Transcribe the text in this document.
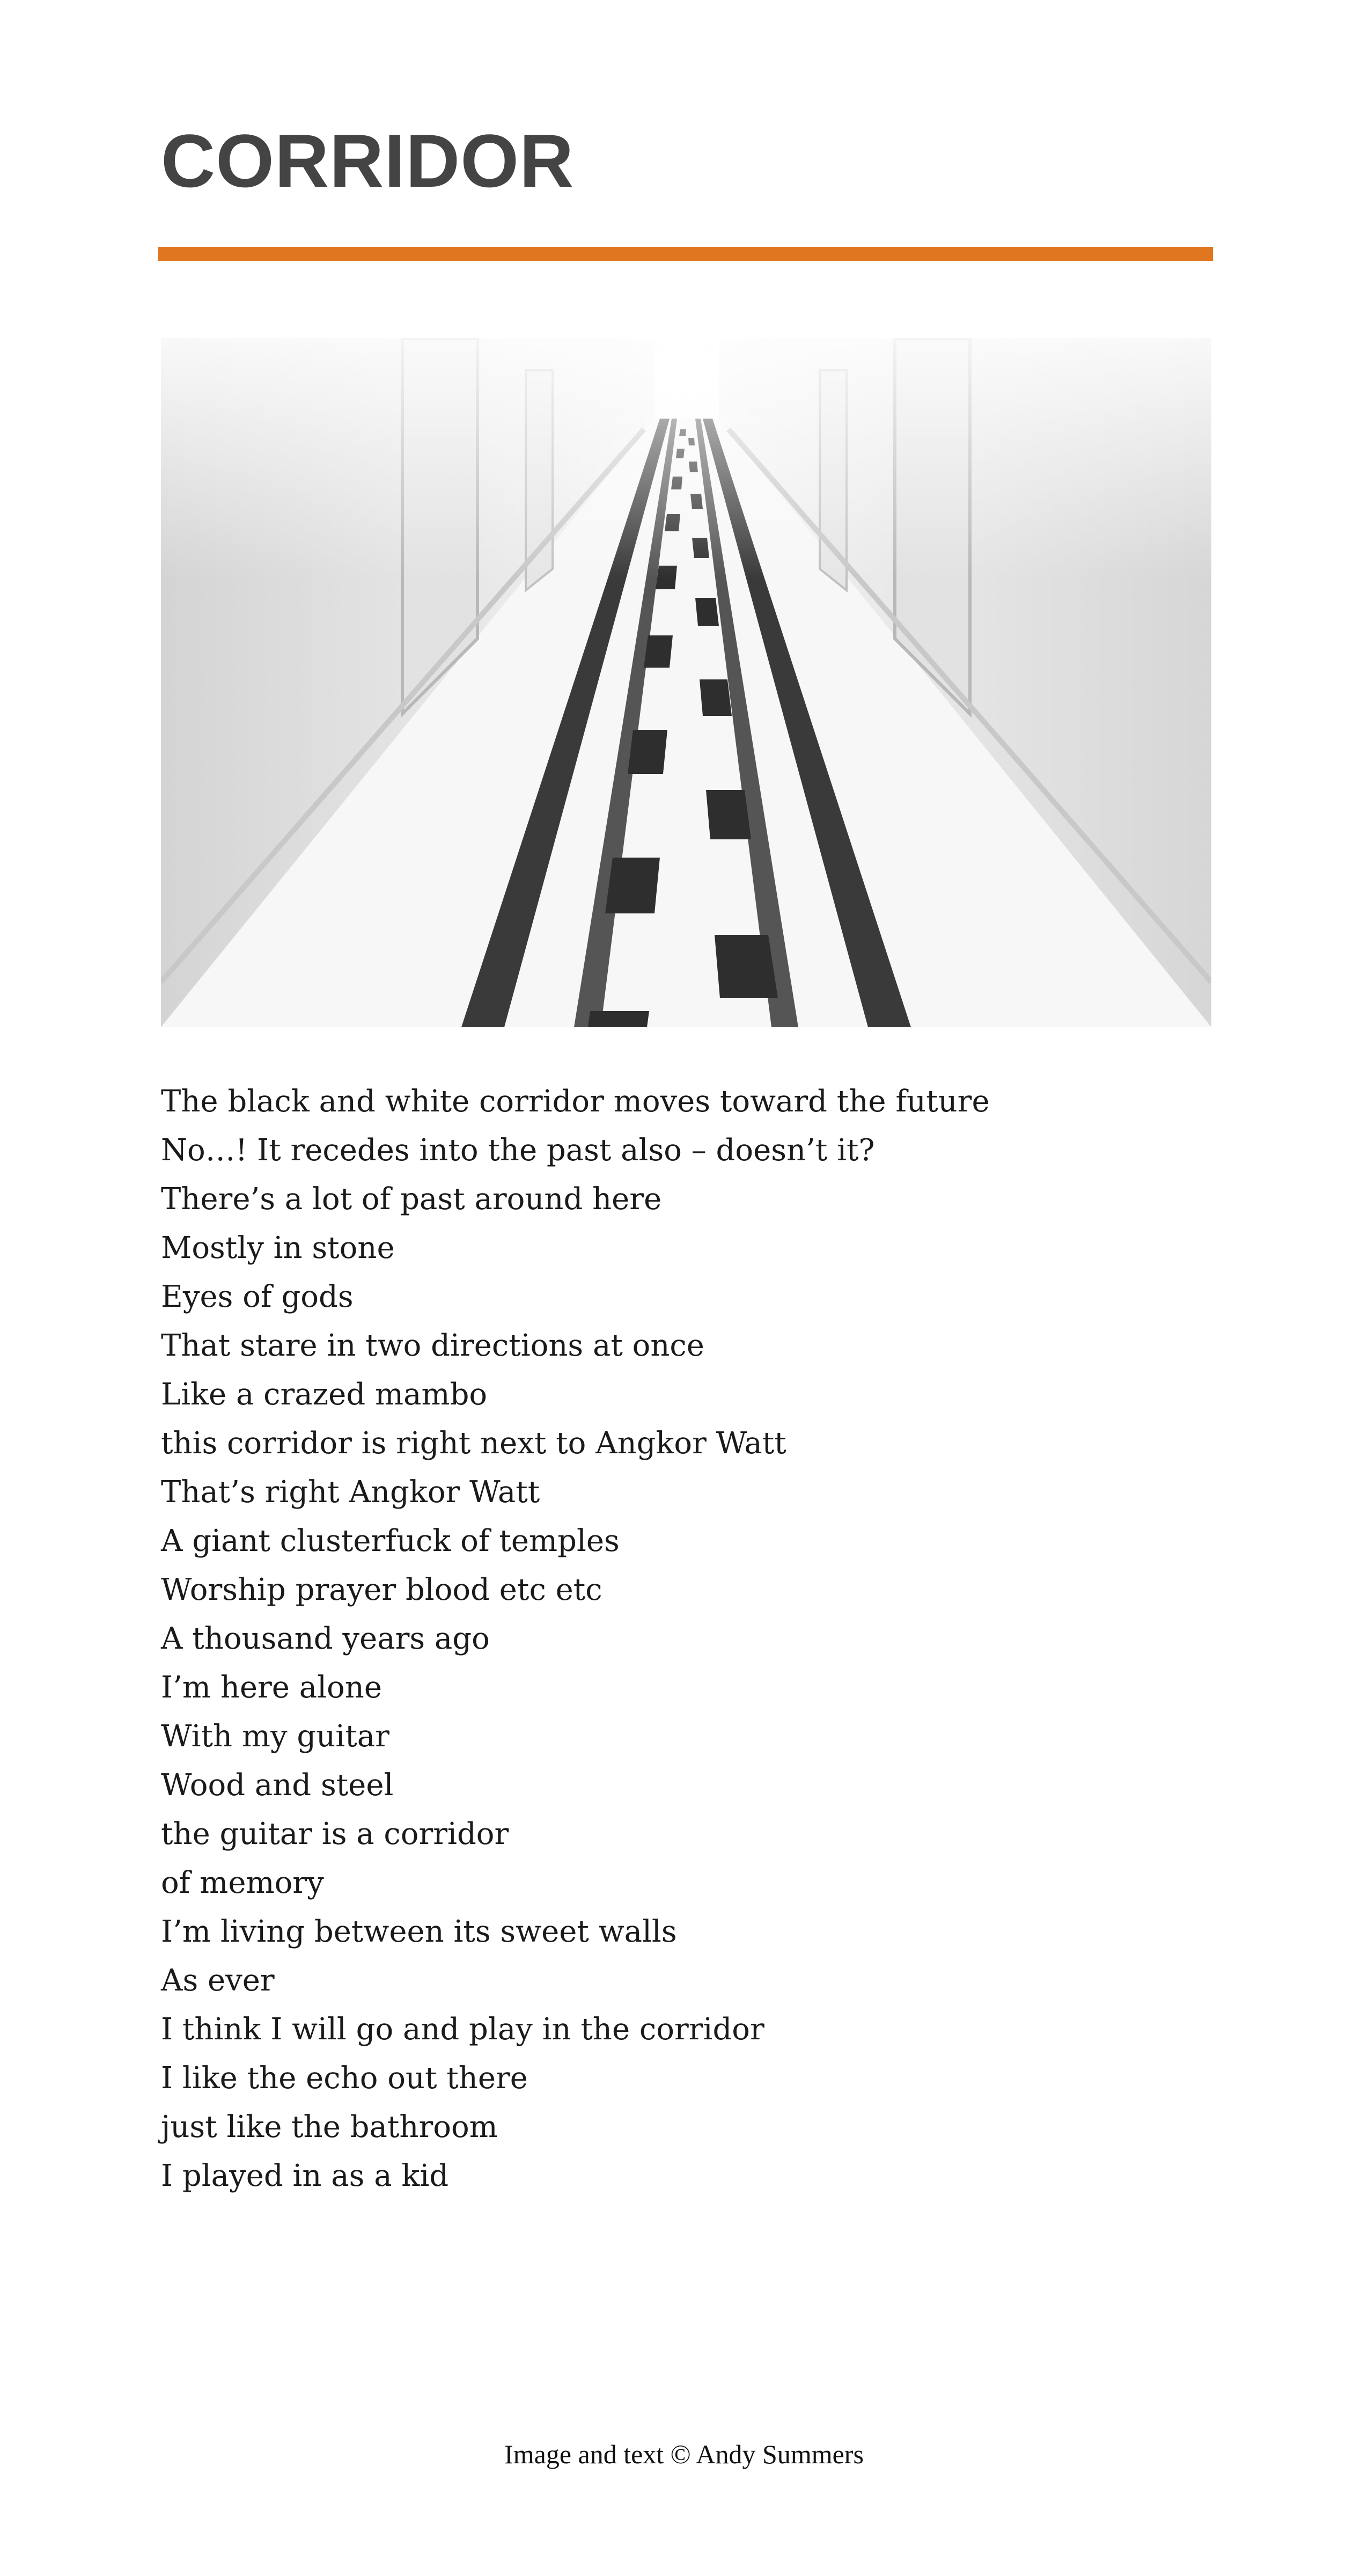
CORRIDOR
The black and white corridor moves toward the future
No…! It recedes into the past also – doesn’t it?
There’s a lot of past around here
Mostly in stone
Eyes of gods
That stare in two directions at once
Like a crazed mambo
this corridor is right next to Angkor Watt
That’s right Angkor Watt
A giant clusterfuck of temples
Worship prayer blood etc etc
A thousand years ago
I’m here alone
With my guitar
Wood and steel
the guitar is a corridor
of memory
I’m living between its sweet walls
As ever
I think I will go and play in the corridor
I like the echo out there
just like the bathroom
I played in as a kid
Image and text © Andy Summers
